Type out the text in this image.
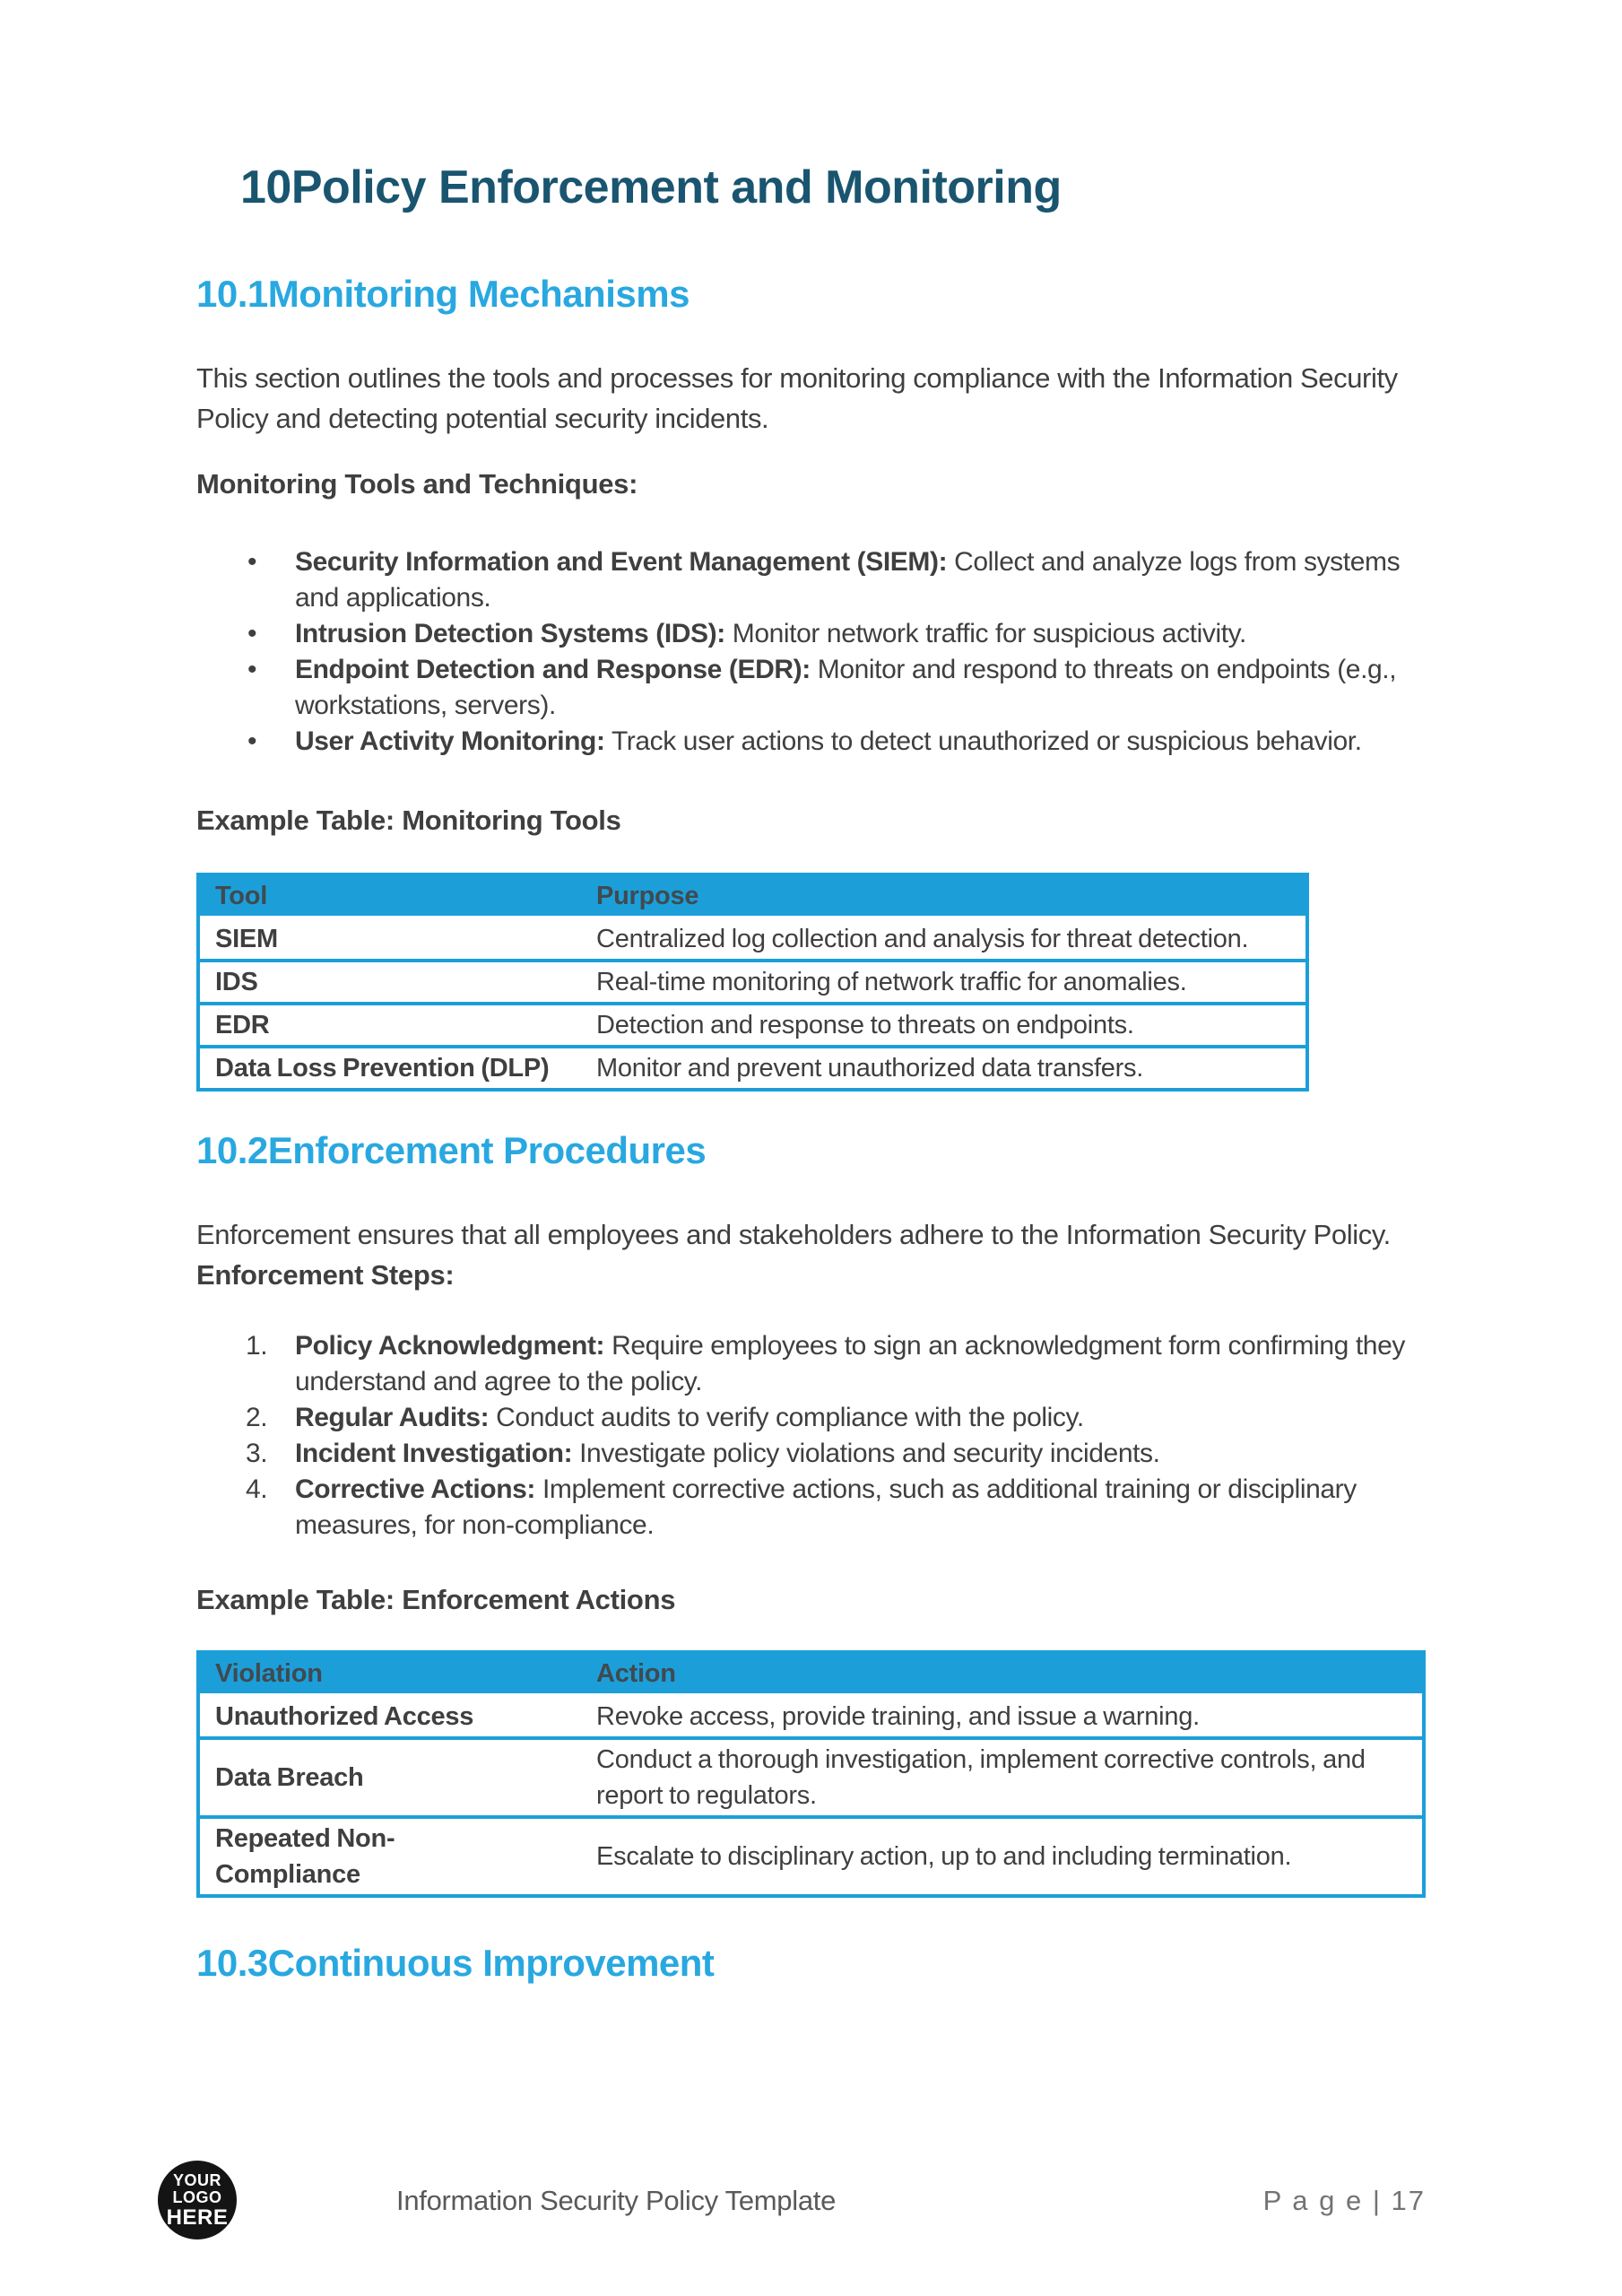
10Policy Enforcement and Monitoring
10.1Monitoring Mechanisms

This section outlines the tools and processes for monitoring compliance with the Information Security Policy and detecting potential security incidents.

Monitoring Tools and Techniques:

• Security Information and Event Management (SIEM): Collect and analyze logs from systems and applications.
• Intrusion Detection Systems (IDS): Monitor network traffic for suspicious activity.
• Endpoint Detection and Response (EDR): Monitor and respond to threats on endpoints (e.g., workstations, servers).
• User Activity Monitoring: Track user actions to detect unauthorized or suspicious behavior.

Example Table: Monitoring Tools

Tool	Purpose
SIEM	Centralized log collection and analysis for threat detection.
IDS	Real-time monitoring of network traffic for anomalies.
EDR	Detection and response to threats on endpoints.
Data Loss Prevention (DLP)	Monitor and prevent unauthorized data transfers.
10.2Enforcement Procedures

Enforcement ensures that all employees and stakeholders adhere to the Information Security Policy.

Enforcement Steps:

1. Policy Acknowledgment: Require employees to sign an acknowledgment form confirming they understand and agree to the policy.
2. Regular Audits: Conduct audits to verify compliance with the policy.
3. Incident Investigation: Investigate policy violations and security incidents.
4. Corrective Actions: Implement corrective actions, such as additional training or disciplinary measures, for non-compliance.

Example Table: Enforcement Actions

Violation	Action
Unauthorized Access	Revoke access, provide training, and issue a warning.
Data Breach	Conduct a thorough investigation, implement corrective controls, and report to regulators.
Repeated Non-Compliance	Escalate to disciplinary action, up to and including termination.
10.3Continuous Improvement
YOUR
LOGO
HERE
Information Security Policy Template	P a g e | 17
